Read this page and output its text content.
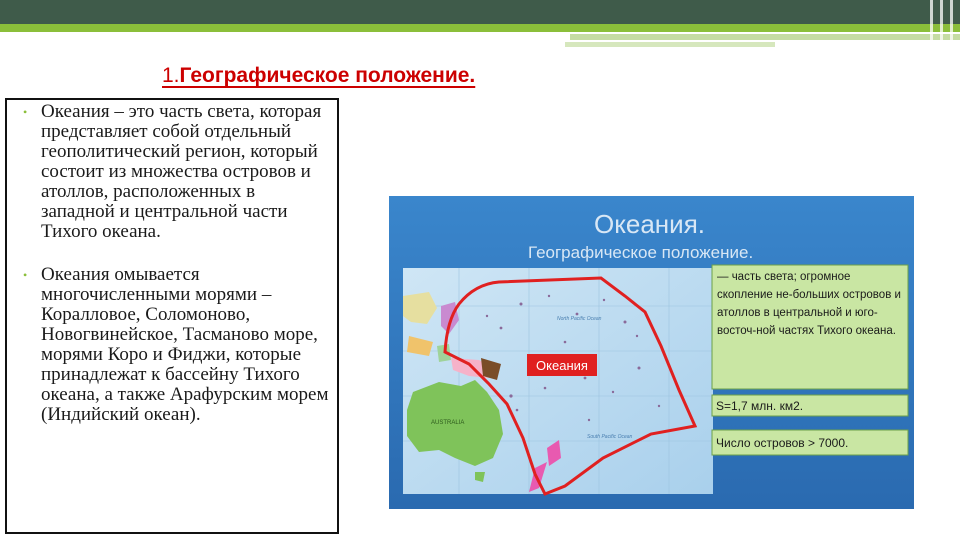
1.Географическое положение.
• Океания – это часть света, которая представляет собой отдельный геополитический регион, который состоит из множества островов и атоллов, расположенных в западной и центральной части Тихого океана.
• Океания омывается многочисленными морями – Коралловое, Соломоново, Новогвинейское, Тасманово море, морями Коро и Фиджи, которые принадлежат к бассейну Тихого океана, а также Арафурским морем (Индийский океан).
Океания.
Географическое положение.
AUSTRALIA
North Pacific Ocean
South Pacific Ocean
Океания
— часть света; огромное скопление не-больших островов и атоллов в центральной и юго-восточ-ной частях Тихого океана.
S=1,7 млн. км2.
Число островов > 7000.
